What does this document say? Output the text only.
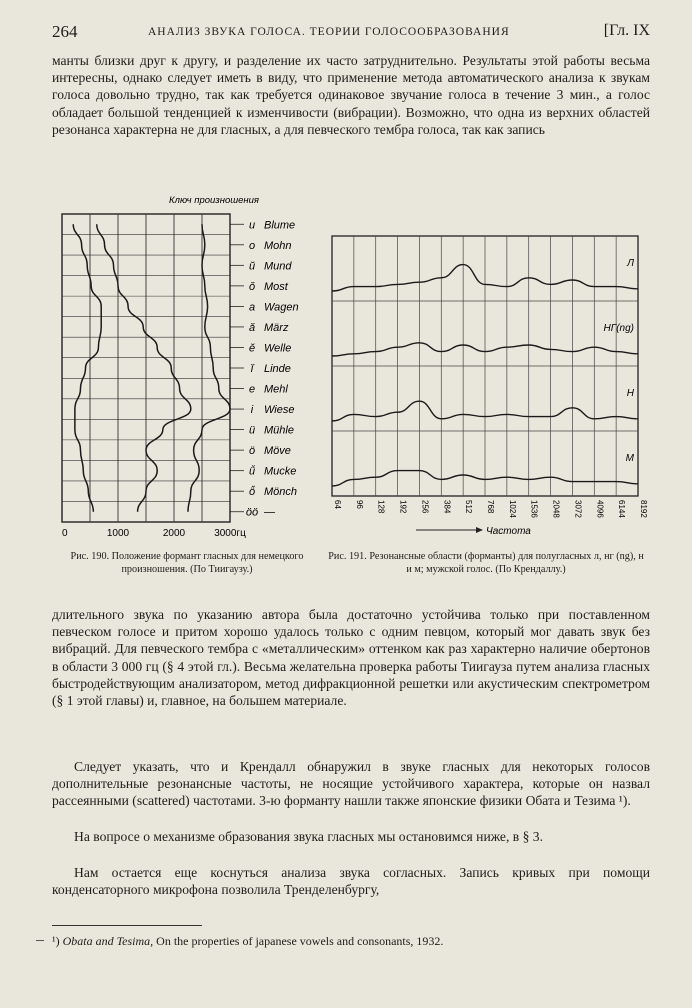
264	АНАЛИЗ ЗВУКА ГОЛОСА. ТЕОРИИ ГОЛОСООБРАЗОВАНИЯ	[Гл. IX
манты близки друг к другу, и разделение их часто затруднительно. Результаты этой работы весьма интересны, однако следует иметь в виду, что применение метода автоматического анализа к звукам голоса довольно трудно, так как требуется одинаковое звучание голоса в течение 3 мин., а голос обладает большой тенденцией к изменчивости (вибрации). Возможно, что одна из верхних областей резонанса характерна не для гласных, а для певческого тембра голоса, так как запись
Ключ произношения
u Blume
o Mohn
ŭ Mund
ŏ Most
a Wagen
ă März
ĕ Welle
ĭ Linde
e Mehl
i Wiese
ü Mühle
ö Möve
ü̆ Mucke
ö̆ Mönch
öö —
0	1000	2000	3000гц
Рис. 190. Положение формант гласных для немецкого произношения. (По Тиигаузу.)
Л
НГ(ng)
Н
М
64 96 128 192 256 384 512 768 1024 1536 2048 3072 4096 6144 8192
Частота
Рис. 191. Резонансные области (форманты) для полугласных л, нг (ng), н и м; мужской голос. (По Крендаллу.)
длительного звука по указанию автора была достаточно устойчива только при поставленном певческом голосе и притом хорошо удалось только с одним певцом, который мог давать звук без вибраций. Для певческого тембра с «металлическим» оттенком как раз характерно наличие обертонов в области 3 000 гц (§ 4 этой гл.). Весьма желательна проверка работы Тиигауза путем анализа гласных быстродействующим анализатором, метод дифракционной решетки или акустическим спектрометром (§ 1 этой главы) и, главное, на большем материале.
Следует указать, что и Крендалл обнаружил в звуке гласных для некоторых голосов дополнительные резонансные частоты, не носящие устойчивого характера, которые он назвал рассеянными (scattered) частотами. 3-ю форманту нашли также японские физики Обата и Тезима ¹).
На вопросе о механизме образования звука гласных мы остановимся ниже, в § 3.
Нам остается еще коснуться анализа звука согласных. Запись кривых при помощи конденсаторного микрофона позволила Тренделенбургу,
¹) Obata and Tesima, On the properties of japanese vowels and consonants, 1932.
